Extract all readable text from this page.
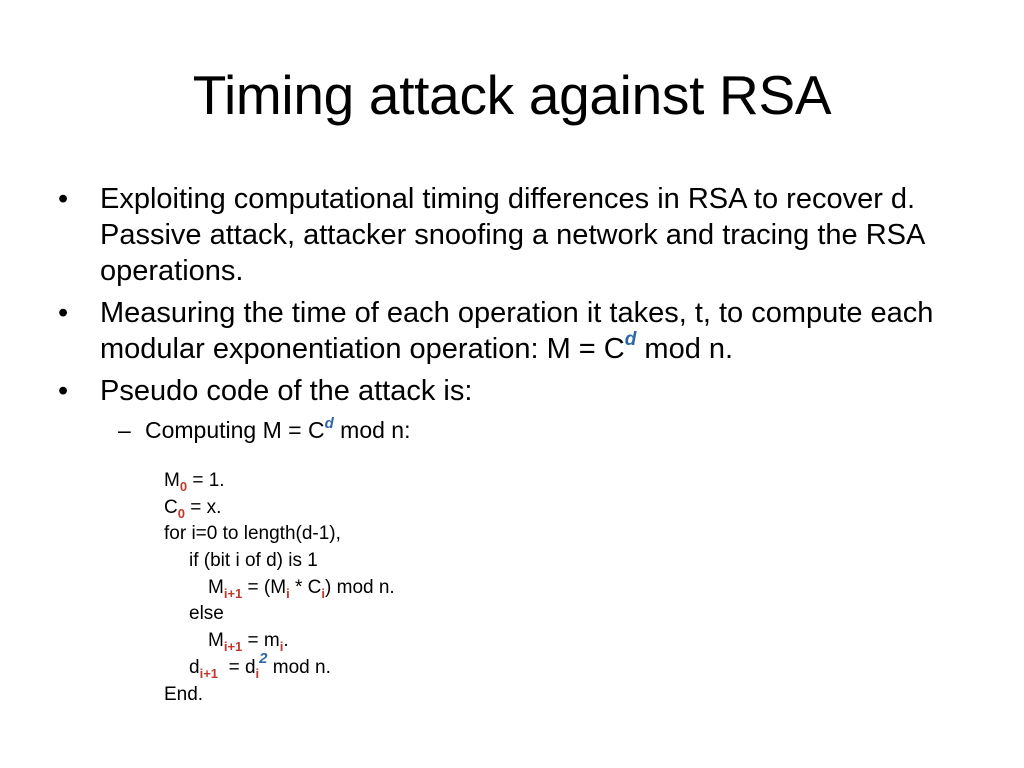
Timing attack against RSA
• Exploiting computational timing differences in RSA to recover d. Passive attack, attacker snoofing a network and tracing the RSA operations.
• Measuring the time of each operation it takes, t, to compute each modular exponentiation operation: $M = C^d$ mod n.
• Pseudo code of the attack is:
– Computing $M = C^d$ mod n:
$M_0 = 1$.
$C_0 = x$.
for i=0 to length(d-1),
if (bit i of d) is 1
$M_{i+1} = (M_i * C_i)$ mod n.
else
$M_{i+1} = m_i$.
$d_{i+1} = d_i^2$ mod n.
End.
